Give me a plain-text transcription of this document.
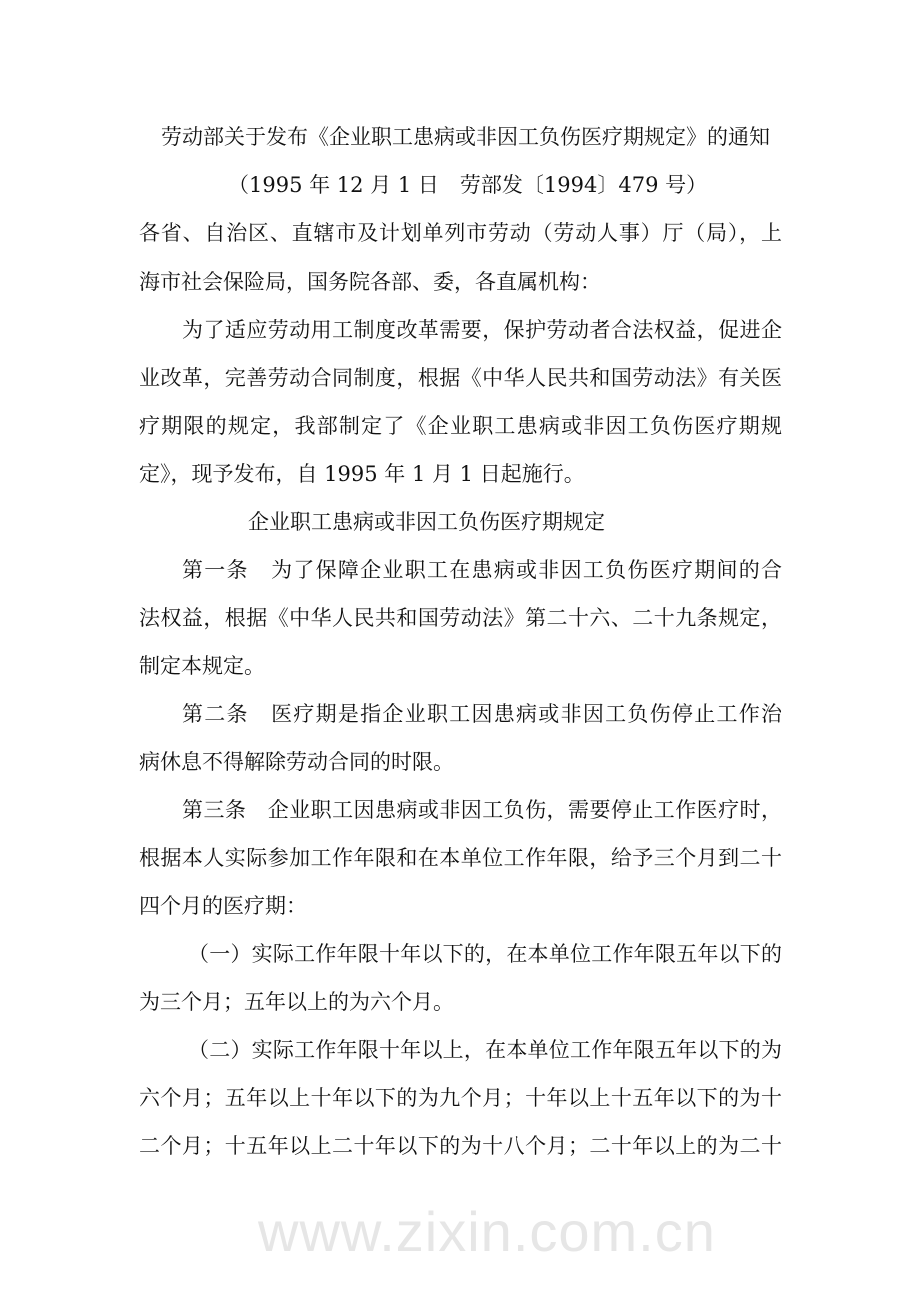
www.zixin.com.cn
劳动部关于发布《企业职工患病或非因工负伤医疗期规定》的通知
（1995 年 12 月 1 日　劳部发〔1994〕479 号）
各省、自治区、直辖市及计划单列市劳动（劳动人事）厅（局），上
海市社会保险局，国务院各部、委，各直属机构：
为了适应劳动用工制度改革需要，保护劳动者合法权益，促进企
业改革，完善劳动合同制度，根据《中华人民共和国劳动法》有关医
疗期限的规定，我部制定了《企业职工患病或非因工负伤医疗期规
定》，现予发布，自 1995 年 1 月 1 日起施行。
企业职工患病或非因工负伤医疗期规定
第一条　为了保障企业职工在患病或非因工负伤医疗期间的合
法权益，根据《中华人民共和国劳动法》第二十六、二十九条规定，
制定本规定。
第二条　医疗期是指企业职工因患病或非因工负伤停止工作治
病休息不得解除劳动合同的时限。
第三条　企业职工因患病或非因工负伤，需要停止工作医疗时，
根据本人实际参加工作年限和在本单位工作年限，给予三个月到二十
四个月的医疗期：
（一）实际工作年限十年以下的，在本单位工作年限五年以下的
为三个月；五年以上的为六个月。
（二）实际工作年限十年以上，在本单位工作年限五年以下的为
六个月；五年以上十年以下的为九个月；十年以上十五年以下的为十
二个月；十五年以上二十年以下的为十八个月；二十年以上的为二十
